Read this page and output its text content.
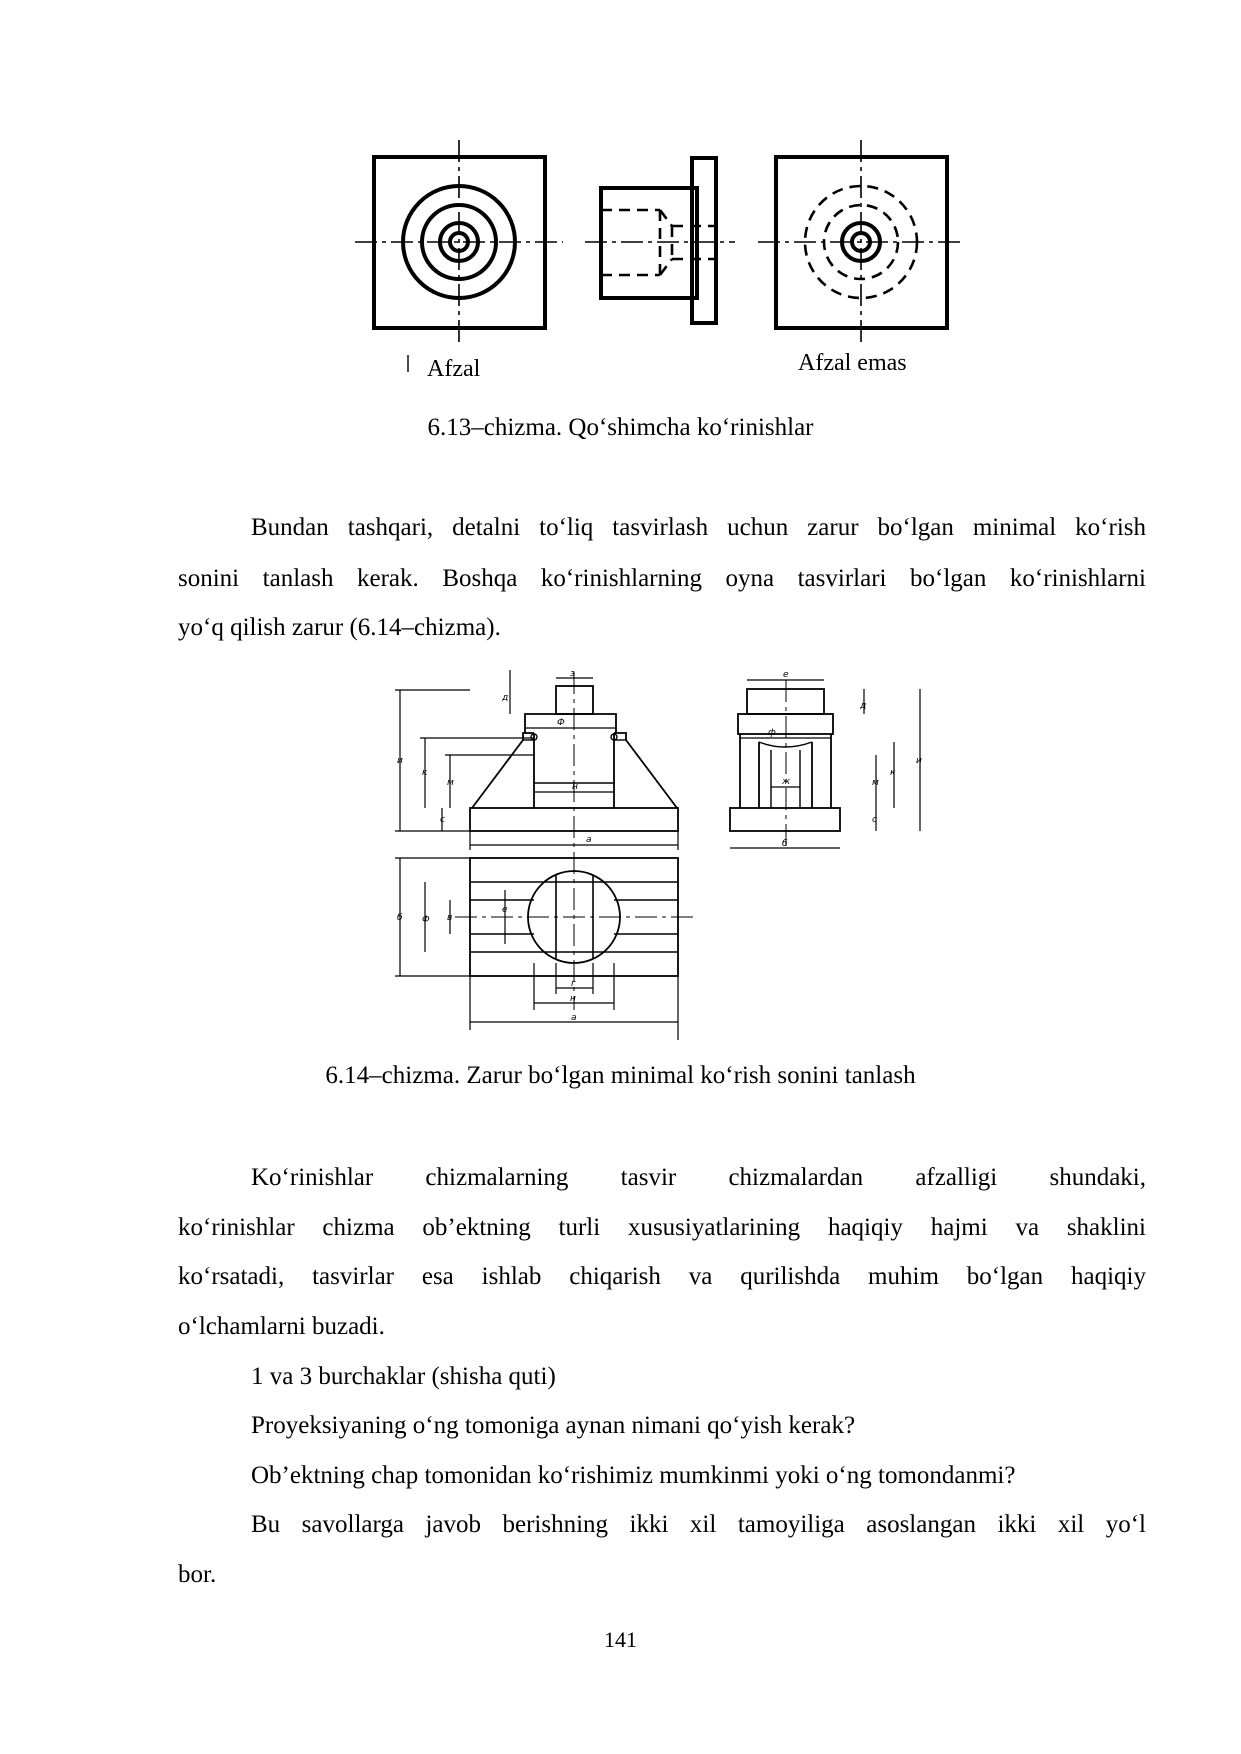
Afzal	Afzal emas
6.13–chizma. Qo‘shimcha ko‘rinishlar
Bundan tashqari, detalni to‘liq tasvirlash uchun zarur bo‘lgan minimal ko‘rish
sonini tanlash kerak. Boshqa ko‘rinishlarning oyna tasvirlari bo‘lgan ko‘rinishlarni
yo‘q qilish zarur (6.14–chizma).
и
к
м
с
д
Ф
з
н
a
е
д
ф
ж
б
и
к
м
с
б Ф в
е
г
н
a
6.14–chizma. Zarur bo‘lgan minimal ko‘rish sonini tanlash
Ko‘rinishlar chizmalarning tasvir chizmalardan afzalligi shundaki,
ko‘rinishlar chizma ob’ektning turli xususiyatlarining haqiqiy hajmi va shaklini
ko‘rsatadi, tasvirlar esa ishlab chiqarish va qurilishda muhim bo‘lgan haqiqiy
o‘lchamlarni buzadi.
1 va 3 burchaklar (shisha quti)
Proyeksiyaning o‘ng tomoniga aynan nimani qo‘yish kerak?
Ob’ektning chap tomonidan ko‘rishimiz mumkinmi yoki o‘ng tomondanmi?
Bu savollarga javob berishning ikki xil tamoyiliga asoslangan ikki xil yo‘l
bor.
141
